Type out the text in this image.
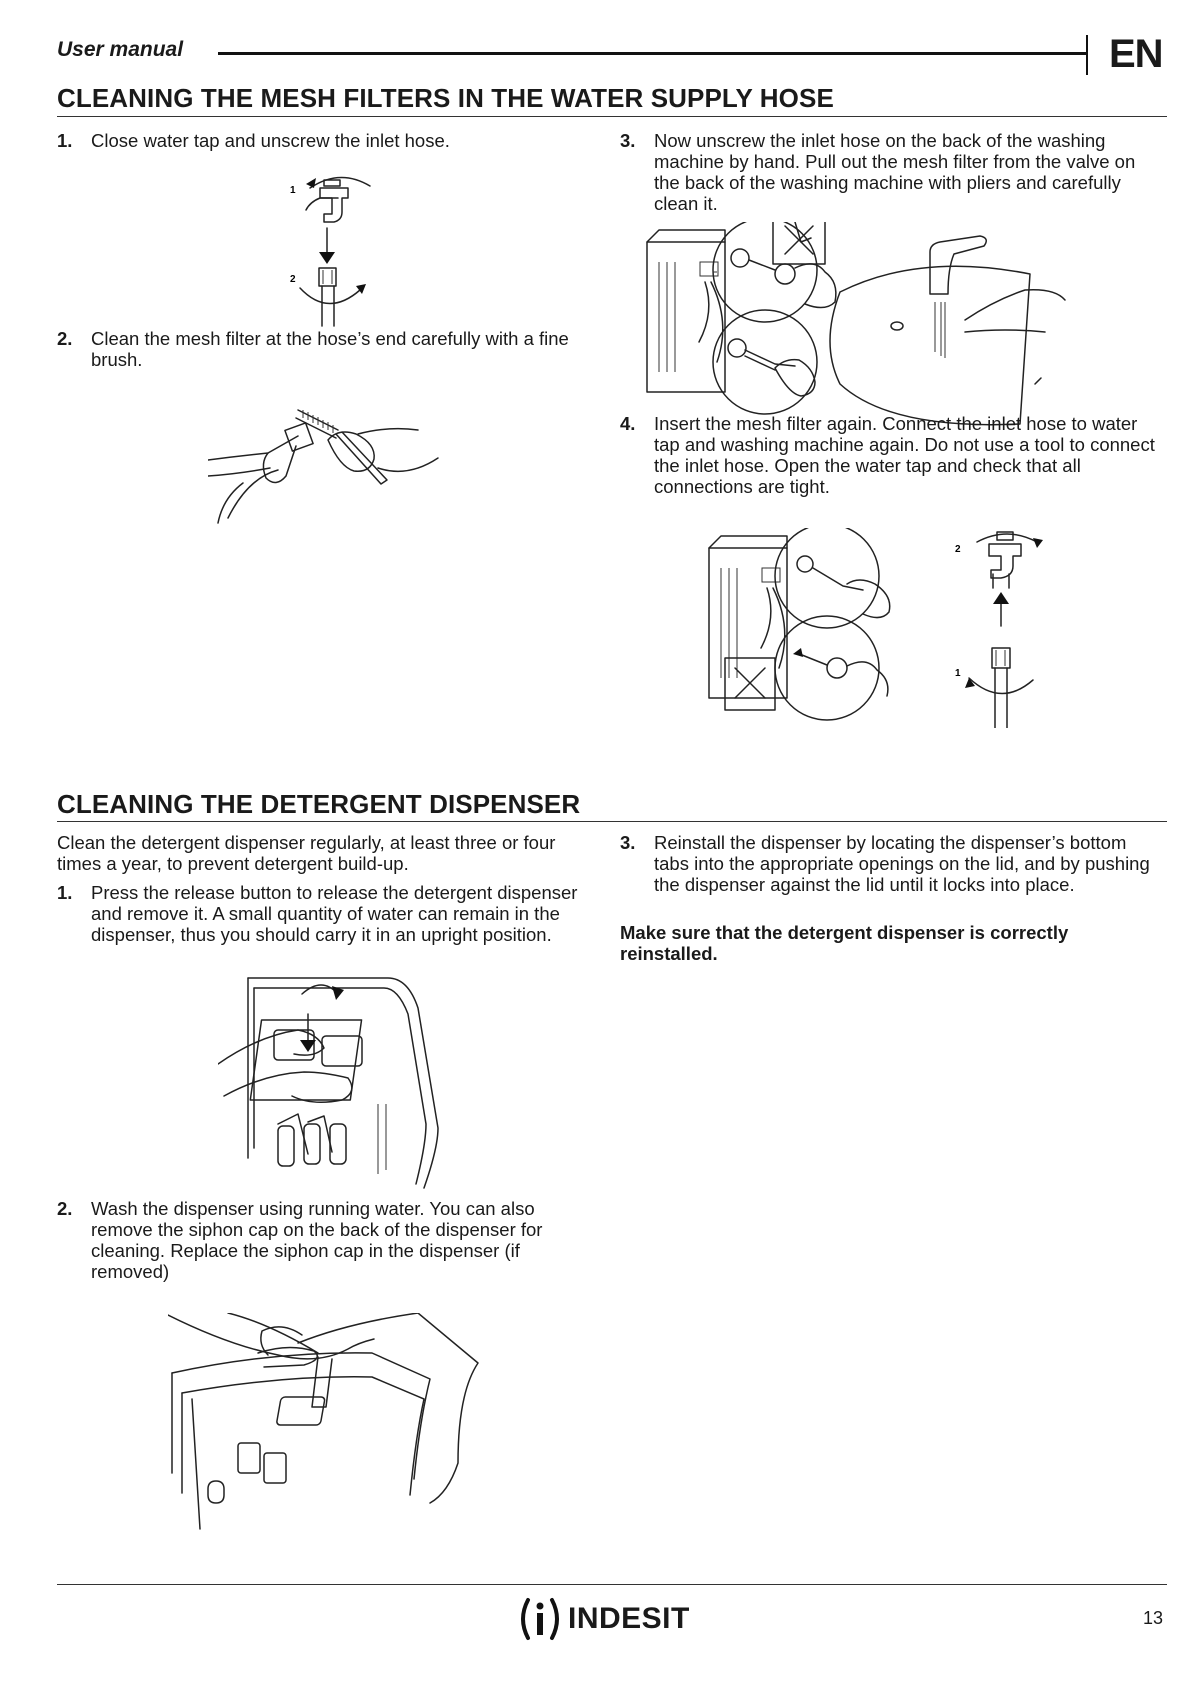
User manual	EN
CLEANING THE MESH FILTERS IN THE WATER SUPPLY HOSE
1. Close water tap and unscrew the inlet hose.
1
2
2. Clean the mesh filter at the hose’s end carefully with a fine brush.
3. Now unscrew the inlet hose on the back of the washing machine by hand. Pull out the mesh filter from the valve on the back of the washing machine with pliers and carefully clean it.
4. Insert the mesh filter again. Connect the inlet hose to water tap and washing machine again. Do not use a tool to connect the inlet hose. Open the water tap and check that all connections are tight.
2
1
CLEANING THE DETERGENT DISPENSER
Clean the detergent dispenser regularly, at least three or four times a year, to prevent detergent build-up.
1. Press the release button to release the detergent dispenser and remove it. A small quantity of water can remain in the dispenser, thus you should carry it in an upright position.
2. Wash the dispenser using running water. You can also remove the siphon cap on the back of the dispenser for cleaning. Replace the siphon cap in the dispenser (if removed)
3. Reinstall the dispenser by locating the dispenser’s bottom tabs into the appropriate openings on the lid, and by pushing the dispenser against the lid until it locks into place.
Make sure that the detergent dispenser is correctly reinstalled.
INDESIT	13
